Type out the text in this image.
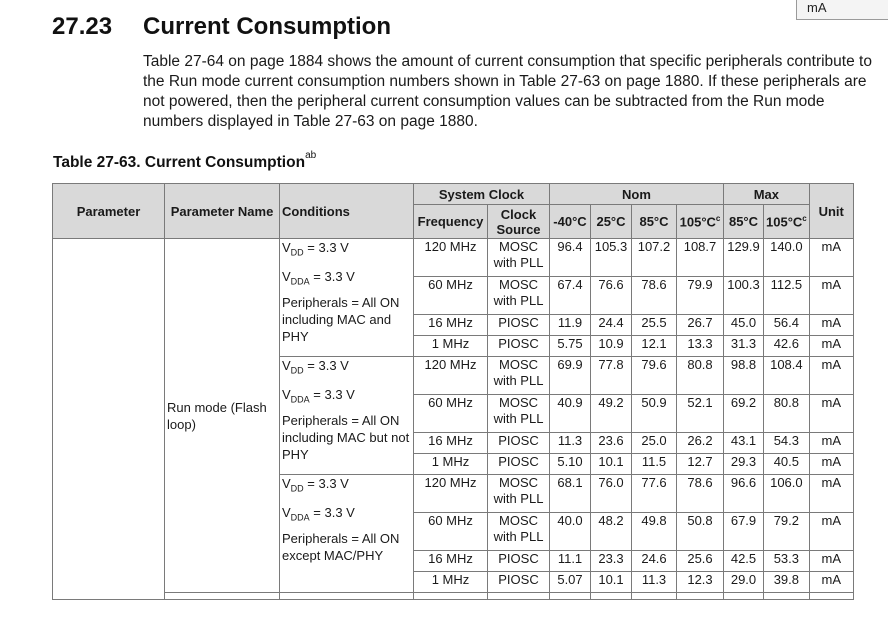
mA
27.23 Current Consumption
Table 27-64 on page 1884 shows the amount of current consumption that specific peripherals contribute to the Run mode current consumption numbers shown in Table 27-63 on page 1880. If these peripherals are not powered, then the peripheral current consumption values can be subtracted from the Run mode numbers displayed in Table 27-63 on page 1880.
Table 27-63. Current Consumption$^{ab}$
Parameter	Parameter Name	Conditions	System Clock		Nom				Max		Unit
			Frequency	Clock Source	-40°C	25°C	85°C	$105^\circ C^c$	85°C	$105^\circ C^c$
	Run mode (Flash loop)	$V_{DD} = 3.3$ V
$V_{DDA} = 3.3$ V
Peripherals = All ON including MAC and PHY	120 MHz	MOSC with PLL	96.4	105.3	107.2	108.7	129.9	140.0	mA
			60 MHz	MOSC with PLL	67.4	76.6	78.6	79.9	100.3	112.5	mA
			16 MHz	PIOSC	11.9	24.4	25.5	26.7	45.0	56.4	mA
			1 MHz	PIOSC	5.75	10.9	12.1	13.3	31.3	42.6	mA

		$V_{DD} = 3.3$ V
$V_{DDA} = 3.3$ V
Peripherals = All ON including MAC but not PHY	120 MHz	MOSC with PLL	69.9	77.8	79.6	80.8	98.8	108.4	mA
			60 MHz	MOSC with PLL	40.9	49.2	50.9	52.1	69.2	80.8	mA
			16 MHz	PIOSC	11.3	23.6	25.0	26.2	43.1	54.3	mA
			1 MHz	PIOSC	5.10	10.1	11.5	12.7	29.3	40.5	mA

		$V_{DD} = 3.3$ V
$V_{DDA} = 3.3$ V
Peripherals = All ON except MAC/PHY	120 MHz	MOSC with PLL	68.1	76.0	77.6	78.6	96.6	106.0	mA
			60 MHz	MOSC with PLL	40.0	48.2	49.8	50.8	67.9	79.2	mA
			16 MHz	PIOSC	11.1	23.3	24.6	25.6	42.5	53.3	mA
			1 MHz	PIOSC	5.07	10.1	11.3	12.3	29.0	39.8	mA
